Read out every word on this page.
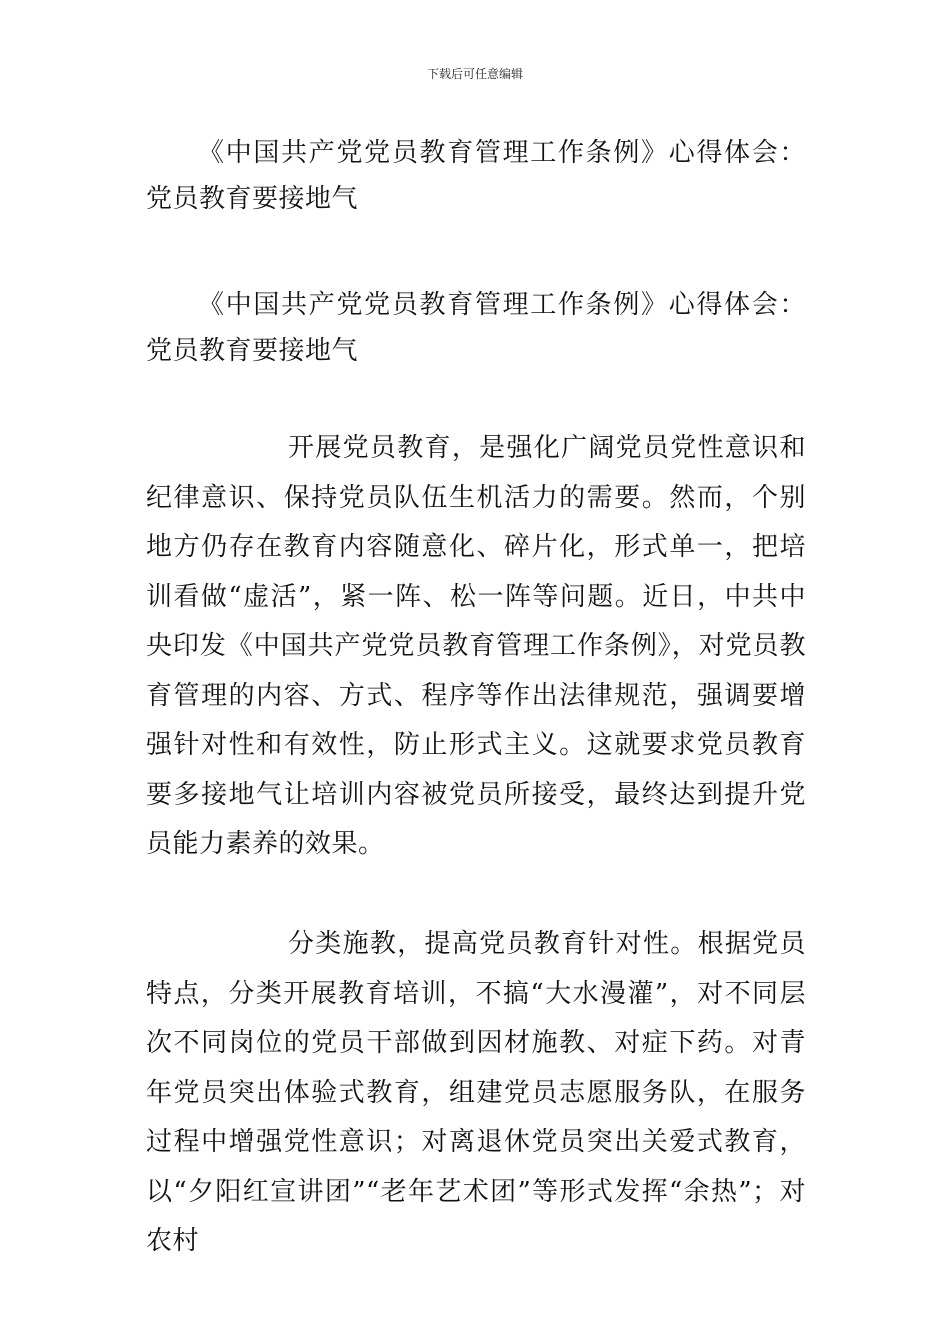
下载后可任意编辑

《中国共产党党员教育管理工作条例》心得体会：党员教育要接地气

《中国共产党党员教育管理工作条例》心得体会：党员教育要接地气

开展党员教育，是强化广阔党员党性意识和纪律意识、保持党员队伍生机活力的需要。然而，个别地方仍存在教育内容随意化、碎片化，形式单一，把培训看做“虚活”，紧一阵、松一阵等问题。近日，中共中央印发《中国共产党党员教育管理工作条例》，对党员教育管理的内容、方式、程序等作出法律规范，强调要增强针对性和有效性，防止形式主义。这就要求党员教育要多接地气让培训内容被党员所接受，最终达到提升党员能力素养的效果。

分类施教，提高党员教育针对性。根据党员特点，分类开展教育培训，不搞“大水漫灌”，对不同层次不同岗位的党员干部做到因材施教、对症下药。对青年党员突出体验式教育，组建党员志愿服务队，在服务过程中增强党性意识；对离退休党员突出关爱式教育，以“夕阳红宣讲团”“老年艺术团”等形式发挥“余热”；对农村
